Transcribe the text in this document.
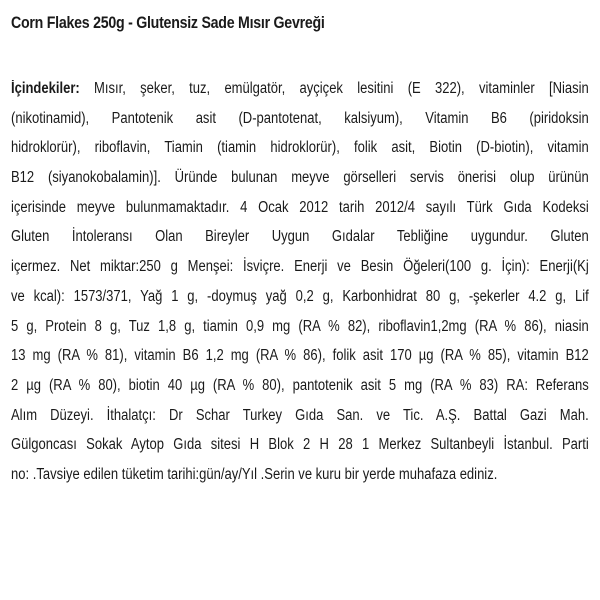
Corn Flakes 250g - Glutensiz Sade Mısır Gevreği
İçindekiler: Mısır, şeker, tuz, emülgatör, ayçiçek lesitini (E 322), vitaminler [Niasin
(nikotinamid), Pantotenik asit (D-pantotenat, kalsiyum), Vitamin B6 (piridoksin
hidroklorür), riboflavin, Tiamin (tiamin hidroklorür), folik asit, Biotin (D-biotin), vitamin
B12 (siyanokobalamin)]. Üründe bulunan meyve görselleri servis önerisi olup ürünün
içerisinde meyve bulunmamaktadır. 4 Ocak 2012 tarih 2012/4 sayılı Türk Gıda Kodeksi
Gluten İntoleransı Olan Bireyler Uygun Gıdalar Tebliğine uygundur. Gluten
içermez. Net miktar:250 g Menşei: İsviçre. Enerji ve Besin Öğeleri(100 g. İçin): Enerji(Kj
ve kcal): 1573/371, Yağ 1 g, -doymuş yağ 0,2 g, Karbonhidrat 80 g, -şekerler 4.2 g, Lif
5 g, Protein 8 g, Tuz 1,8 g, tiamin 0,9 mg (RA % 82), riboflavin1,2mg (RA % 86), niasin
13 mg (RA % 81), vitamin B6 1,2 mg (RA % 86), folik asit 170 µg (RA % 85), vitamin B12
2 µg (RA % 80), biotin 40 µg (RA % 80), pantotenik asit 5 mg (RA % 83) RA: Referans
Alım Düzeyi. İthalatçı: Dr Schar Turkey Gıda San. ve Tic. A.Ş. Battal Gazi Mah.
Gülgoncası Sokak Aytop Gıda sitesi H Blok 2 H 28 1 Merkez Sultanbeyli İstanbul. Parti
no: .Tavsiye edilen tüketim tarihi:gün/ay/Yıl .Serin ve kuru bir yerde muhafaza ediniz.
